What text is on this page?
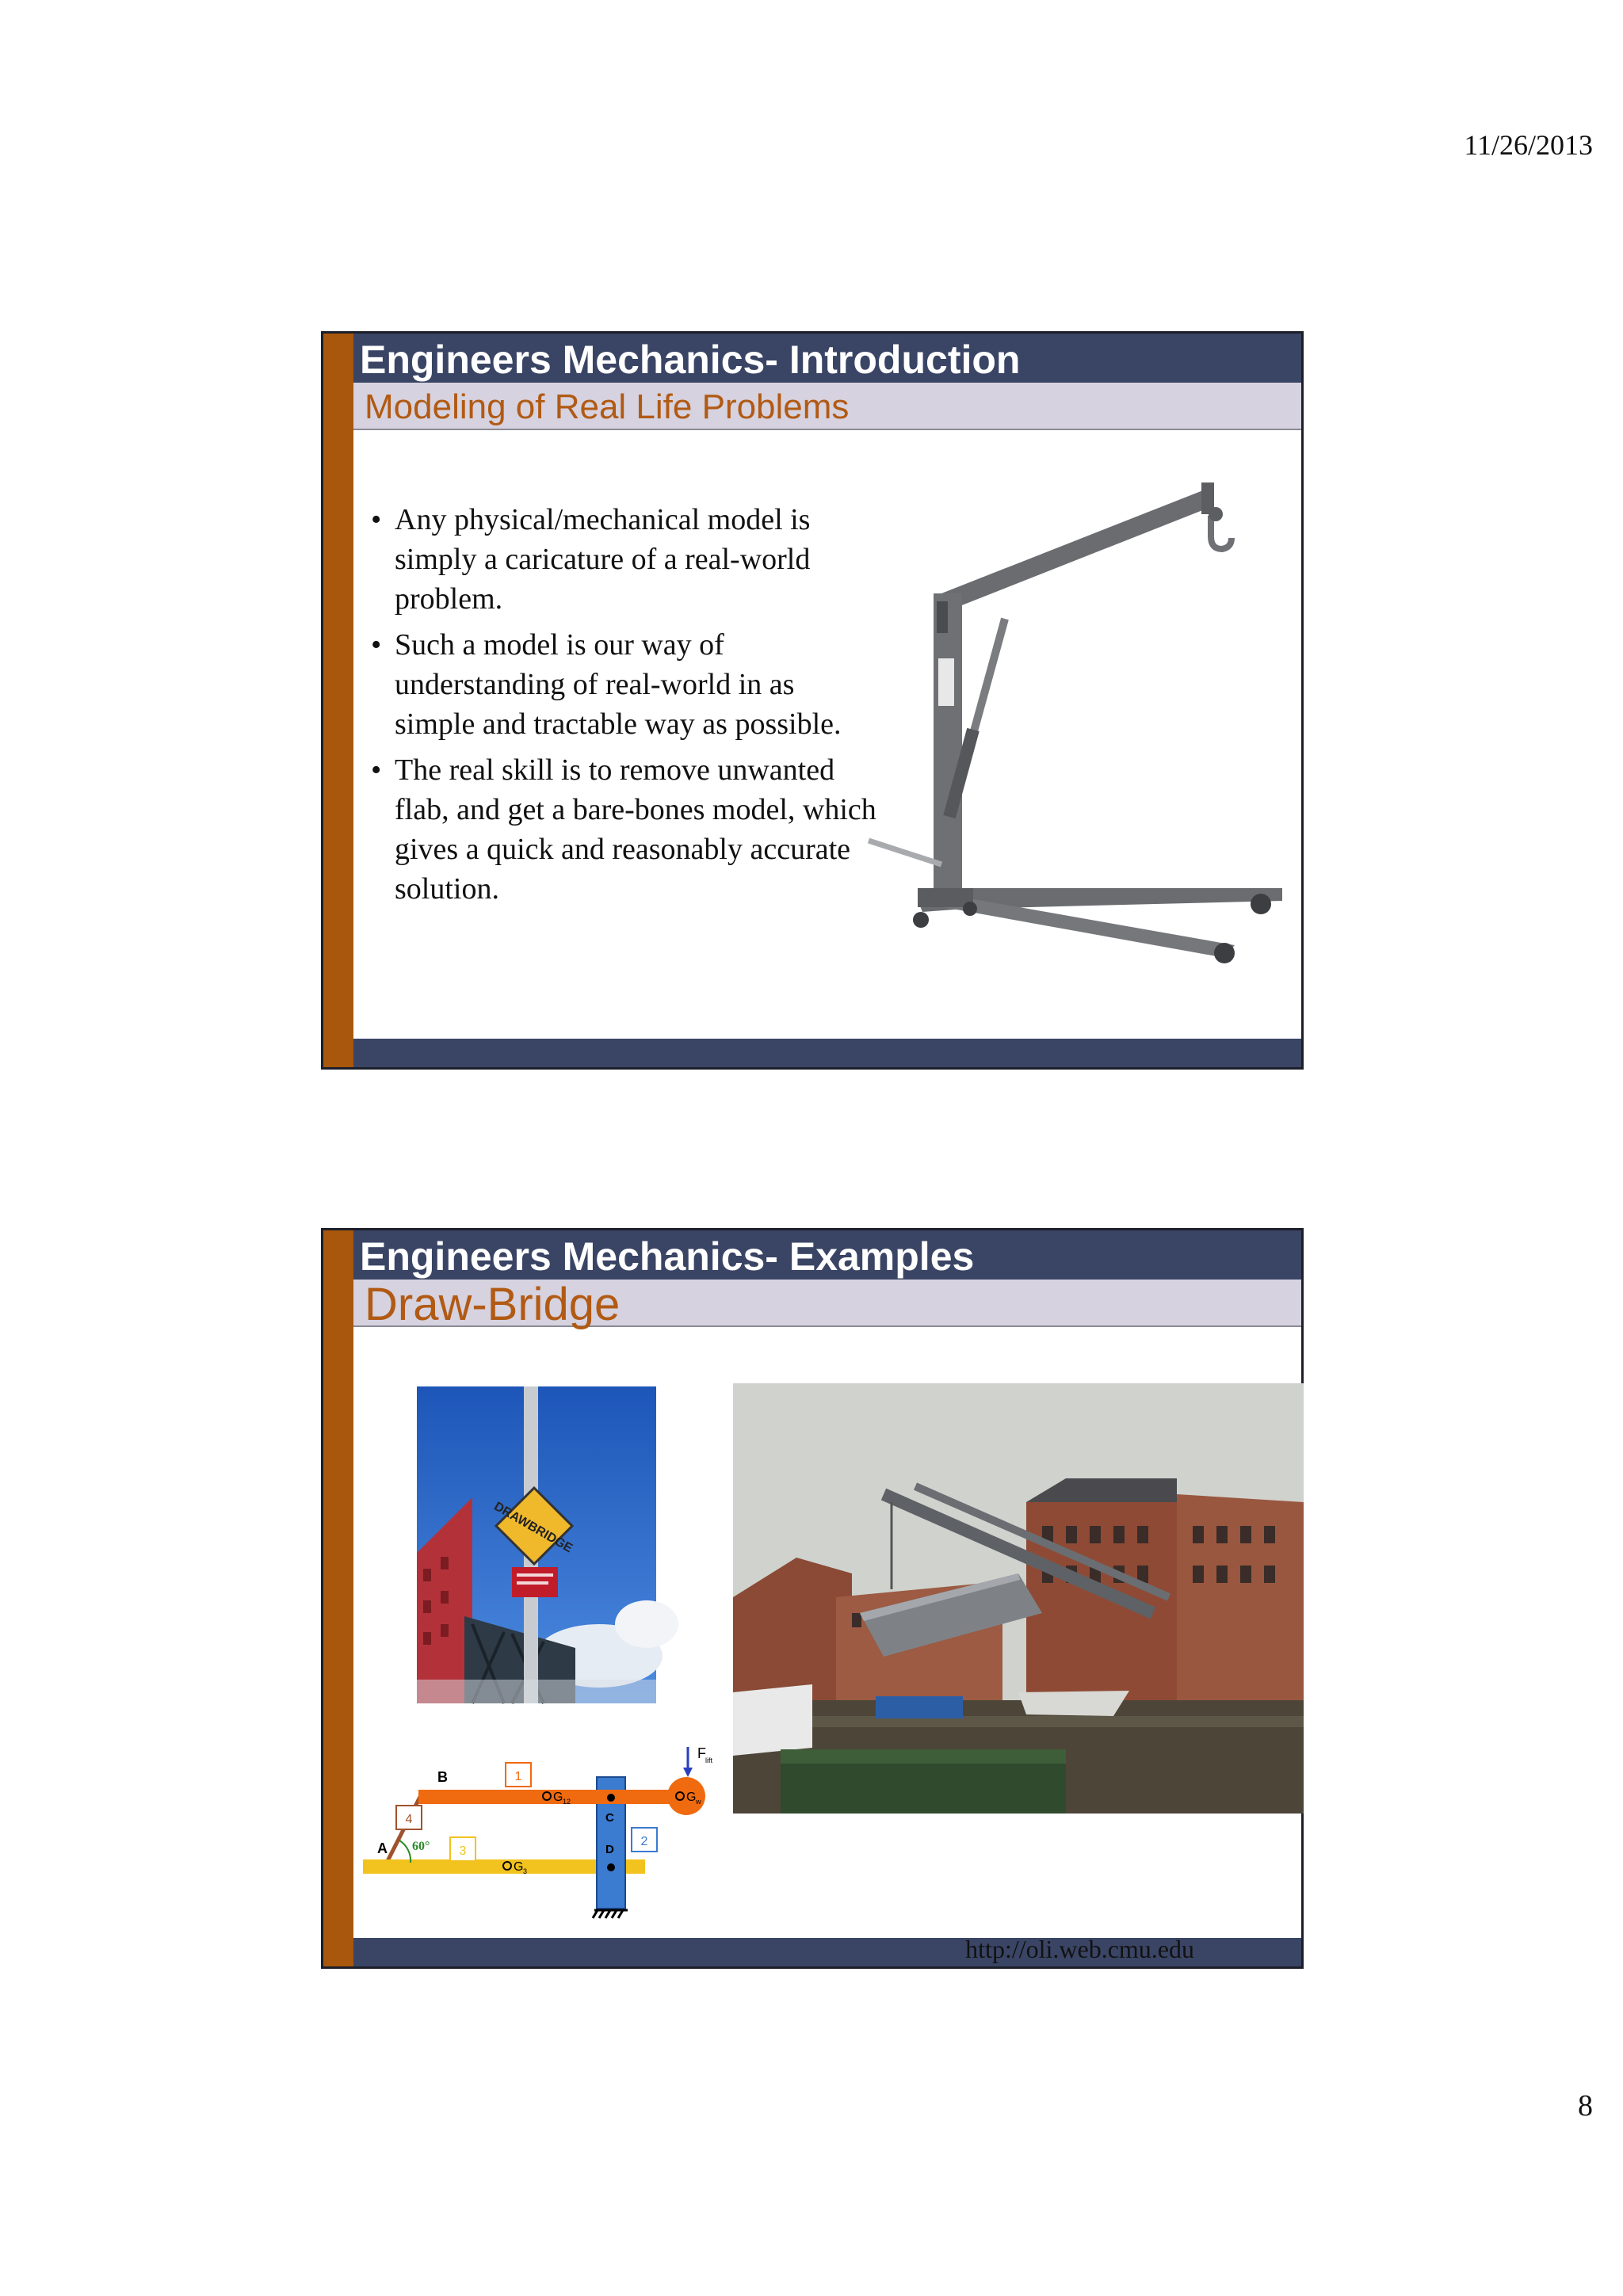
11/26/2013
Engineers Mechanics- Introduction
Modeling of Real Life Problems
• Any physical/mechanical model is simply a caricature of a real-world problem.
• Such a model is our way of understanding of real-world in as simple and tractable way as possible.
• The real skill is to remove unwanted flab, and get a bare-bones model, which gives a quick and reasonably accurate solution.
Engineers Mechanics- Examples
Draw-Bridge
DRAWBRIDGE
F lift
G 12
G 3
G w
A
B
C
D
1
2
3
4
60°
http://oli.web.cmu.edu
8
